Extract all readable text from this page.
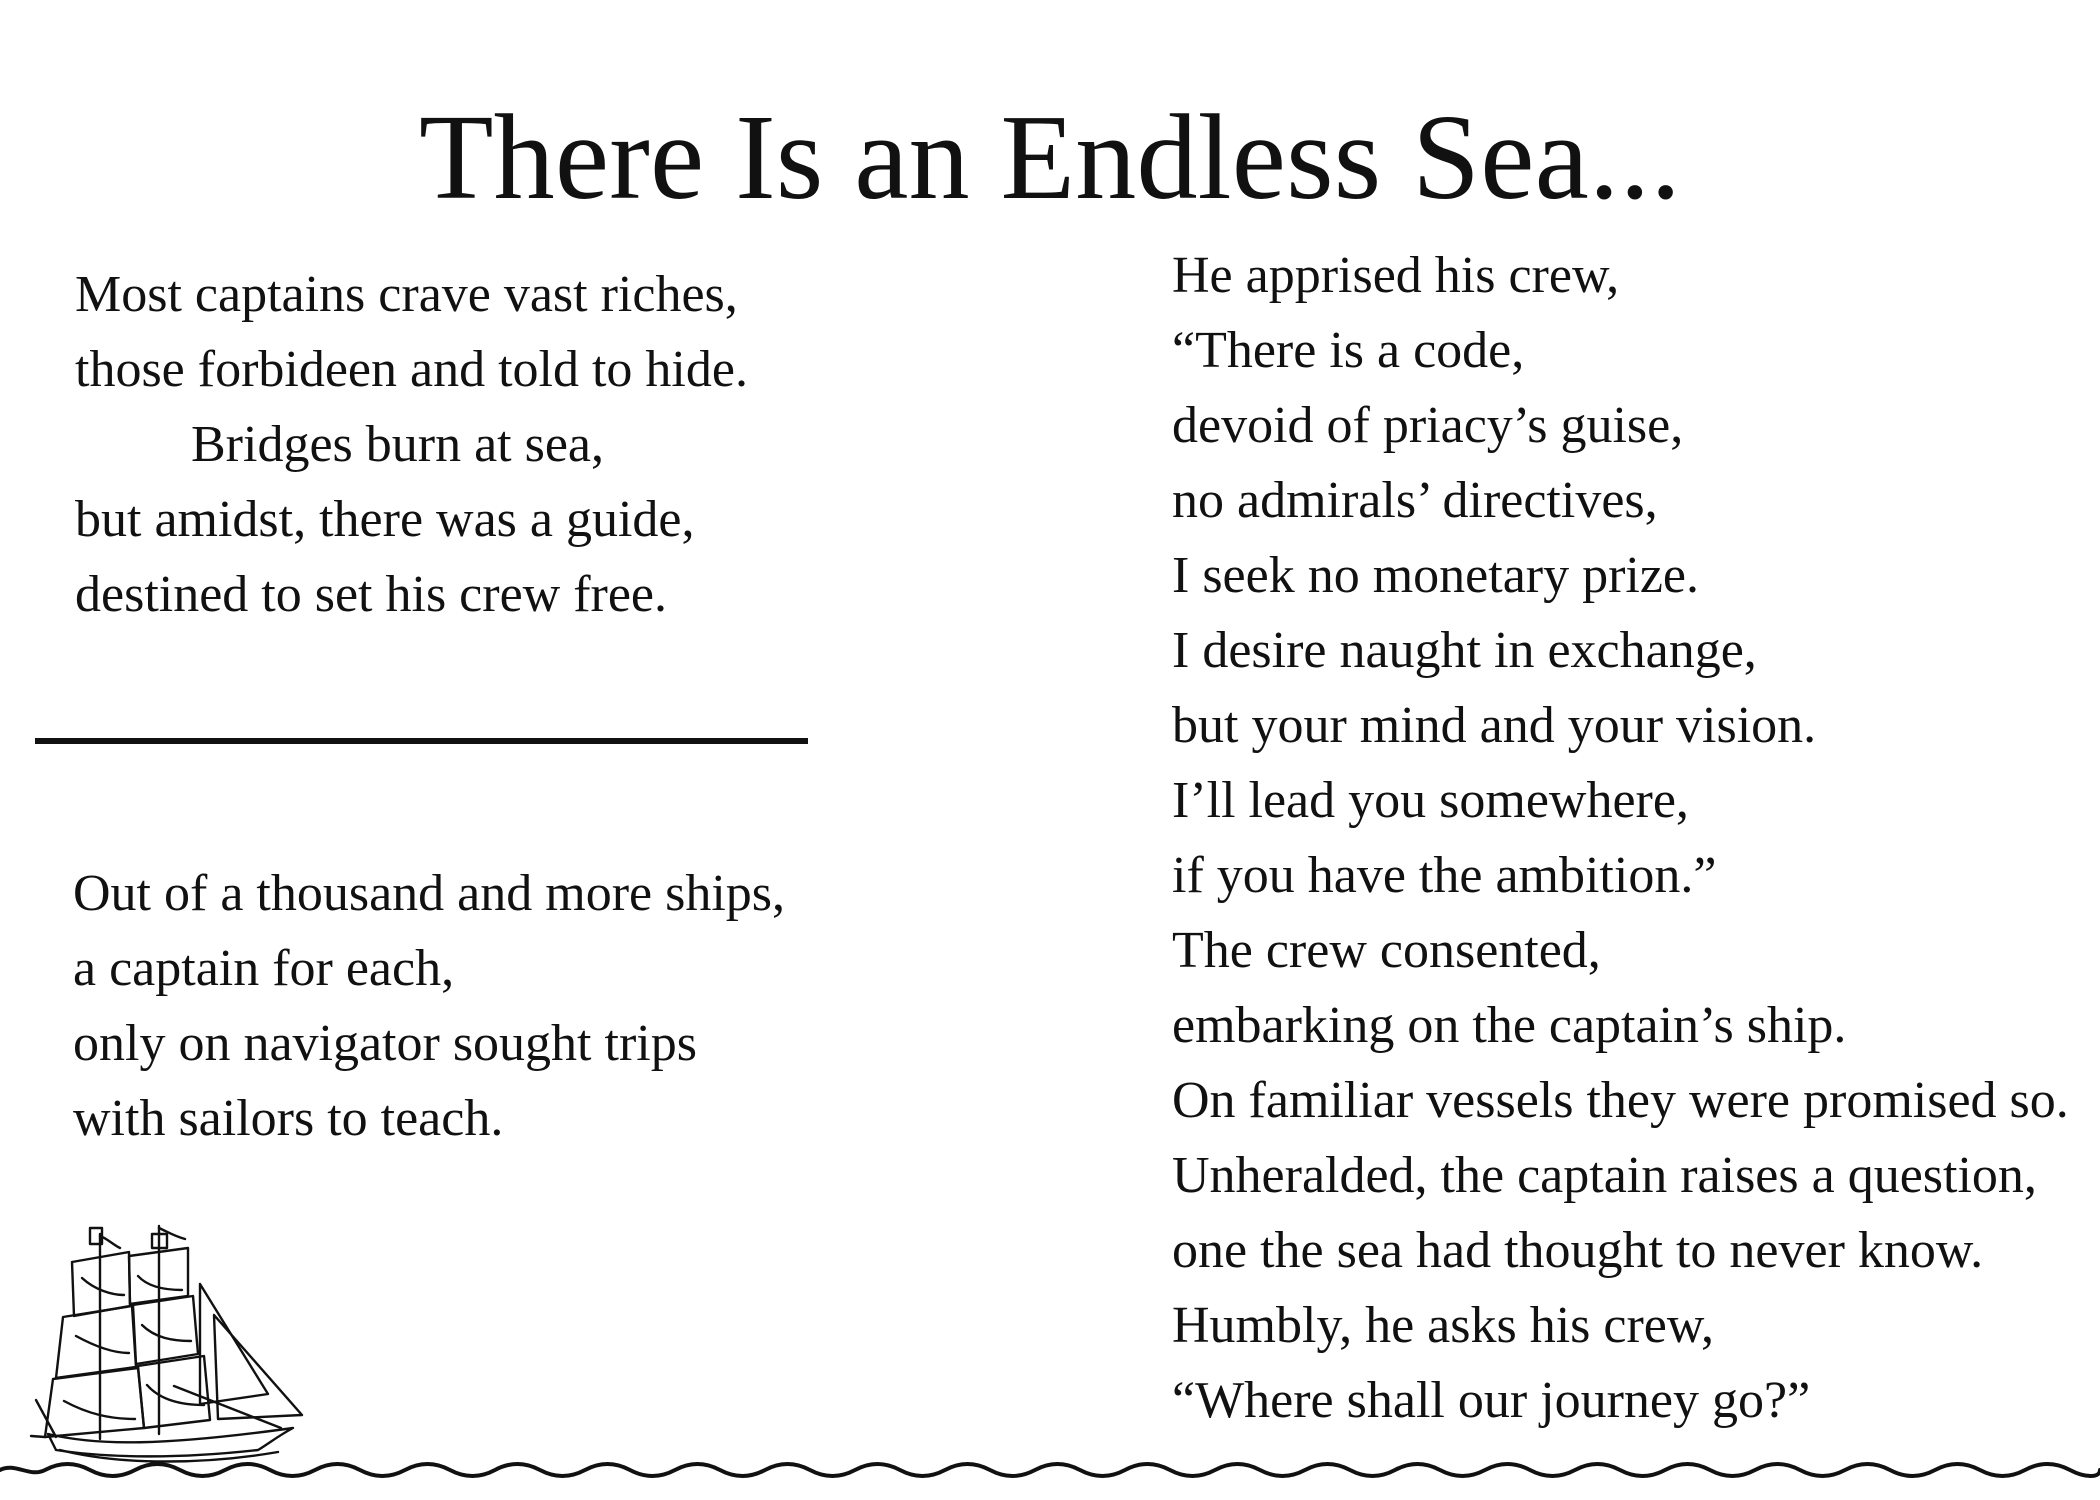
There Is an Endless Sea...
Most captains crave vast riches,
those forbideen and told to hide.
Bridges burn at sea,
but amidst, there was a guide,
destined to set his crew free.
Out of a thousand and more ships,
a captain for each,
only on navigator sought trips
with sailors to teach.
He apprised his crew,
“There is a code,
devoid of priacy’s guise,
no admirals’ directives,
I seek no monetary prize.
I desire naught in exchange,
but your mind and your vision.
I’ll lead you somewhere,
if you have the ambition.”
The crew consented,
embarking on the captain’s ship.
On familiar vessels they were promised so.
Unheralded, the captain raises a question,
one the sea had thought to never know.
Humbly, he asks his crew,
“Where shall our journey go?”
